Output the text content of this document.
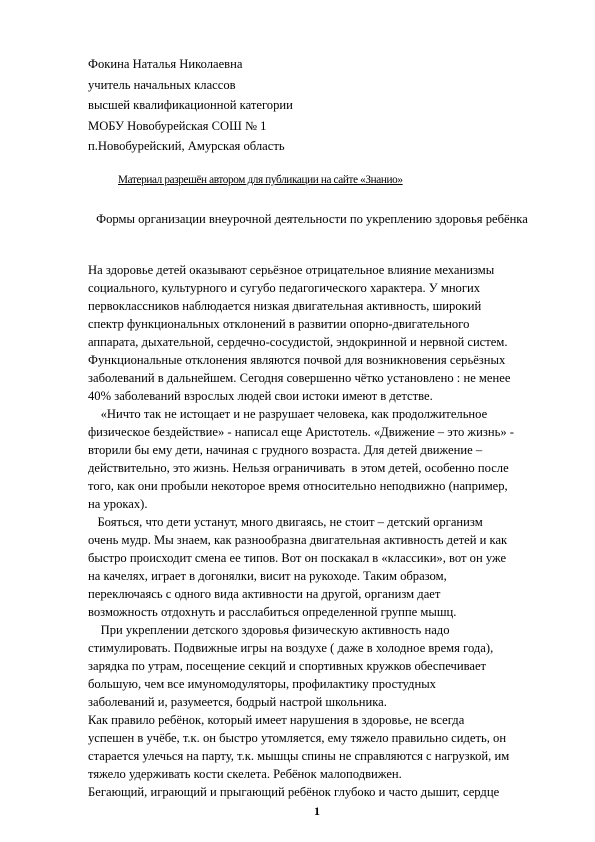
Фокина Наталья Николаевна
учитель начальных классов
высшей квалификационной категории
МОБУ Новобурейская СОШ № 1
п.Новобурейский, Амурская область
Материал разрешён автором для публикации на сайте «Знанио»
Формы организации внеурочной деятельности по укреплению здоровья ребёнка
На здоровье детей оказывают серьёзное отрицательное влияние механизмы
социального, культурного и сугубо педагогического характера. У многих
первоклассников наблюдается низкая двигательная активность, широкий
спектр функциональных отклонений в развитии опорно-двигательного
аппарата, дыхательной, сердечно-сосудистой, эндокринной и нервной систем.
Функциональные отклонения являются почвой для возникновения серьёзных
заболеваний в дальнейшем. Сегодня совершенно чётко установлено : не менее
40% заболеваний взрослых людей свои истоки имеют в детстве.
«Ничто так не истощает и не разрушает человека, как продолжительное
физическое бездействие» - написал еще Аристотель. «Движение – это жизнь» -
вторили бы ему дети, начиная с грудного возраста. Для детей движение –
действительно, это жизнь. Нельзя ограничивать  в этом детей, особенно после
того, как они пробыли некоторое время относительно неподвижно (например,
на уроках).
Бояться, что дети устанут, много двигаясь, не стоит – детский организм
очень мудр. Мы знаем, как разнообразна двигательная активность детей и как
быстро происходит смена ее типов. Вот он поскакал в «классики», вот он уже
на качелях, играет в догонялки, висит на рукоходе. Таким образом,
переключаясь с одного вида активности на другой, организм дает
возможность отдохнуть и расслабиться определенной группе мышц.
При укреплении детского здоровья физическую активность надо
стимулировать. Подвижные игры на воздухе ( даже в холодное время года),
зарядка по утрам, посещение секций и спортивных кружков обеспечивает
большую, чем все имуномодуляторы, профилактику простудных
заболеваний и, разумеется, бодрый настрой школьника.
Как правило ребёнок, который имеет нарушения в здоровье, не всегда
успешен в учёбе, т.к. он быстро утомляется, ему тяжело правильно сидеть, он
старается улечься на парту, т.к. мышцы спины не справляются с нагрузкой, им
тяжело удерживать кости скелета. Ребёнок малоподвижен.
Бегающий, играющий и прыгающий ребёнок глубоко и часто дышит, сердце
1
